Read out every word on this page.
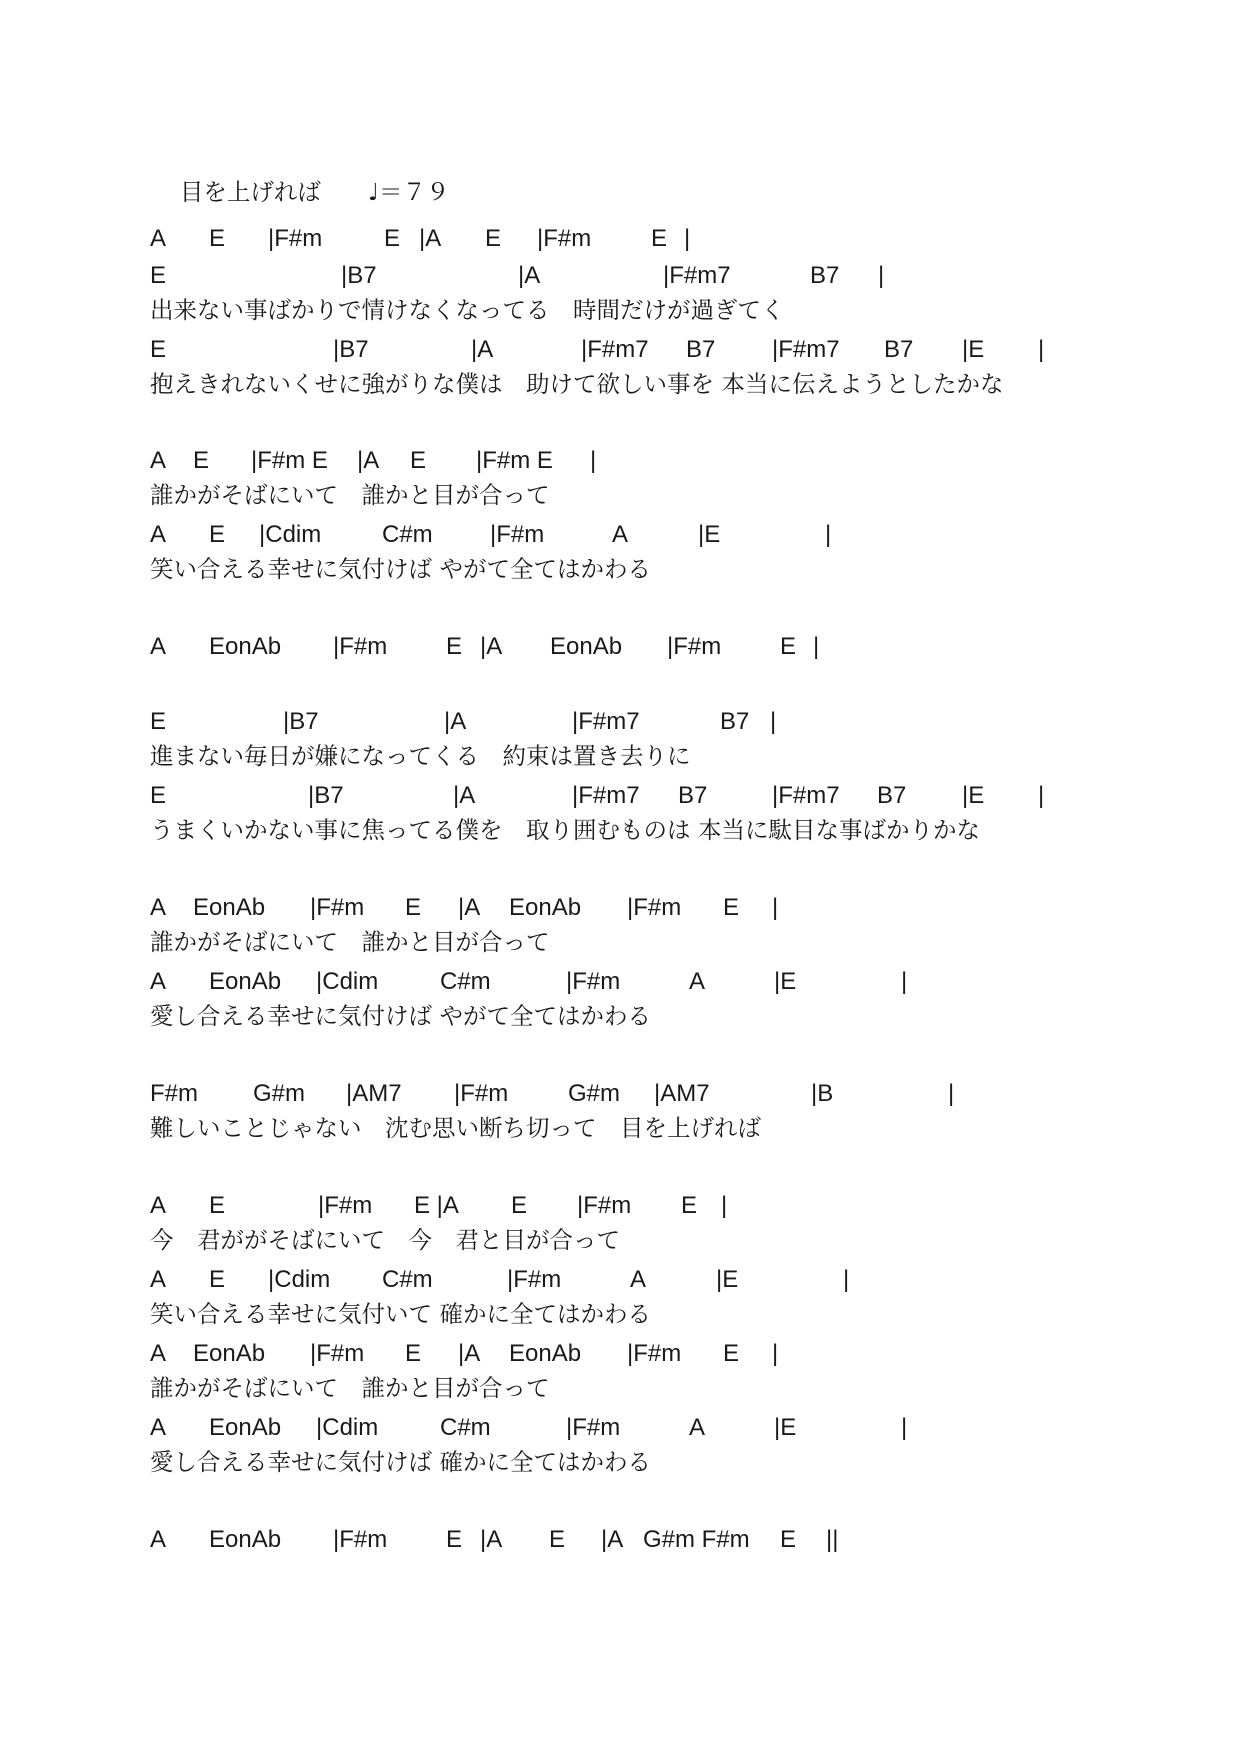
目を上げれば　　 ♩＝７９

A E |F#m	E |A E |F#m E |
E	|B7	|A	|F#m7	B7 |
出来ない事ばかりで情けなくなってる　時間だけが過ぎてく
E	|B7	|A	|F#m7 B7 |F#m7 B7 |E |
抱えきれないくせに強がりな僕は　助けて欲しい事を 本当に伝えようとしたかな
A E |F#m E |A E |F#m E |
誰かがそばにいて　誰かと目が合って
A E |Cdim	C#m |F#m	A	|E	|
笑い合える幸せに気付けば やがて全てはかわる
A EonAb |F#m E |A EonAb |F#m E |
E	|B7	|A	|F#m7	B7 |
進まない毎日が嫌になってくる　約束は置き去りに
E	|B7	|A	|F#m7 B7	|F#m7 B7 |E |
うまくいかない事に焦ってる僕を　取り囲むものは 本当に駄目な事ばかりかな
A EonAb |F#m E |A EonAb |F#m E |
誰かがそばにいて　誰かと目が合って
A EonAb |Cdim	C#m	|F#m	A	|E	|
愛し合える幸せに気付けば やがて全てはかわる
F#m G#m |AM7 |F#m G#m |AM7	|B	|
難しいことじゃない　沈む思い断ち切って　目を上げれば
A E	|F#m E |A E |F#m E |
今　君ががそばにいて　今　君と目が合って
A E |Cdim C#m	|F#m	A	|E	|
笑い合える幸せに気付いて 確かに全てはかわる
A EonAb |F#m E |A EonAb |F#m E |
誰かがそばにいて　誰かと目が合って
A EonAb |Cdim	C#m	|F#m	A	|E	|
愛し合える幸せに気付けば 確かに全てはかわる
A EonAb |F#m E |A E |A G#m F#m E ||
